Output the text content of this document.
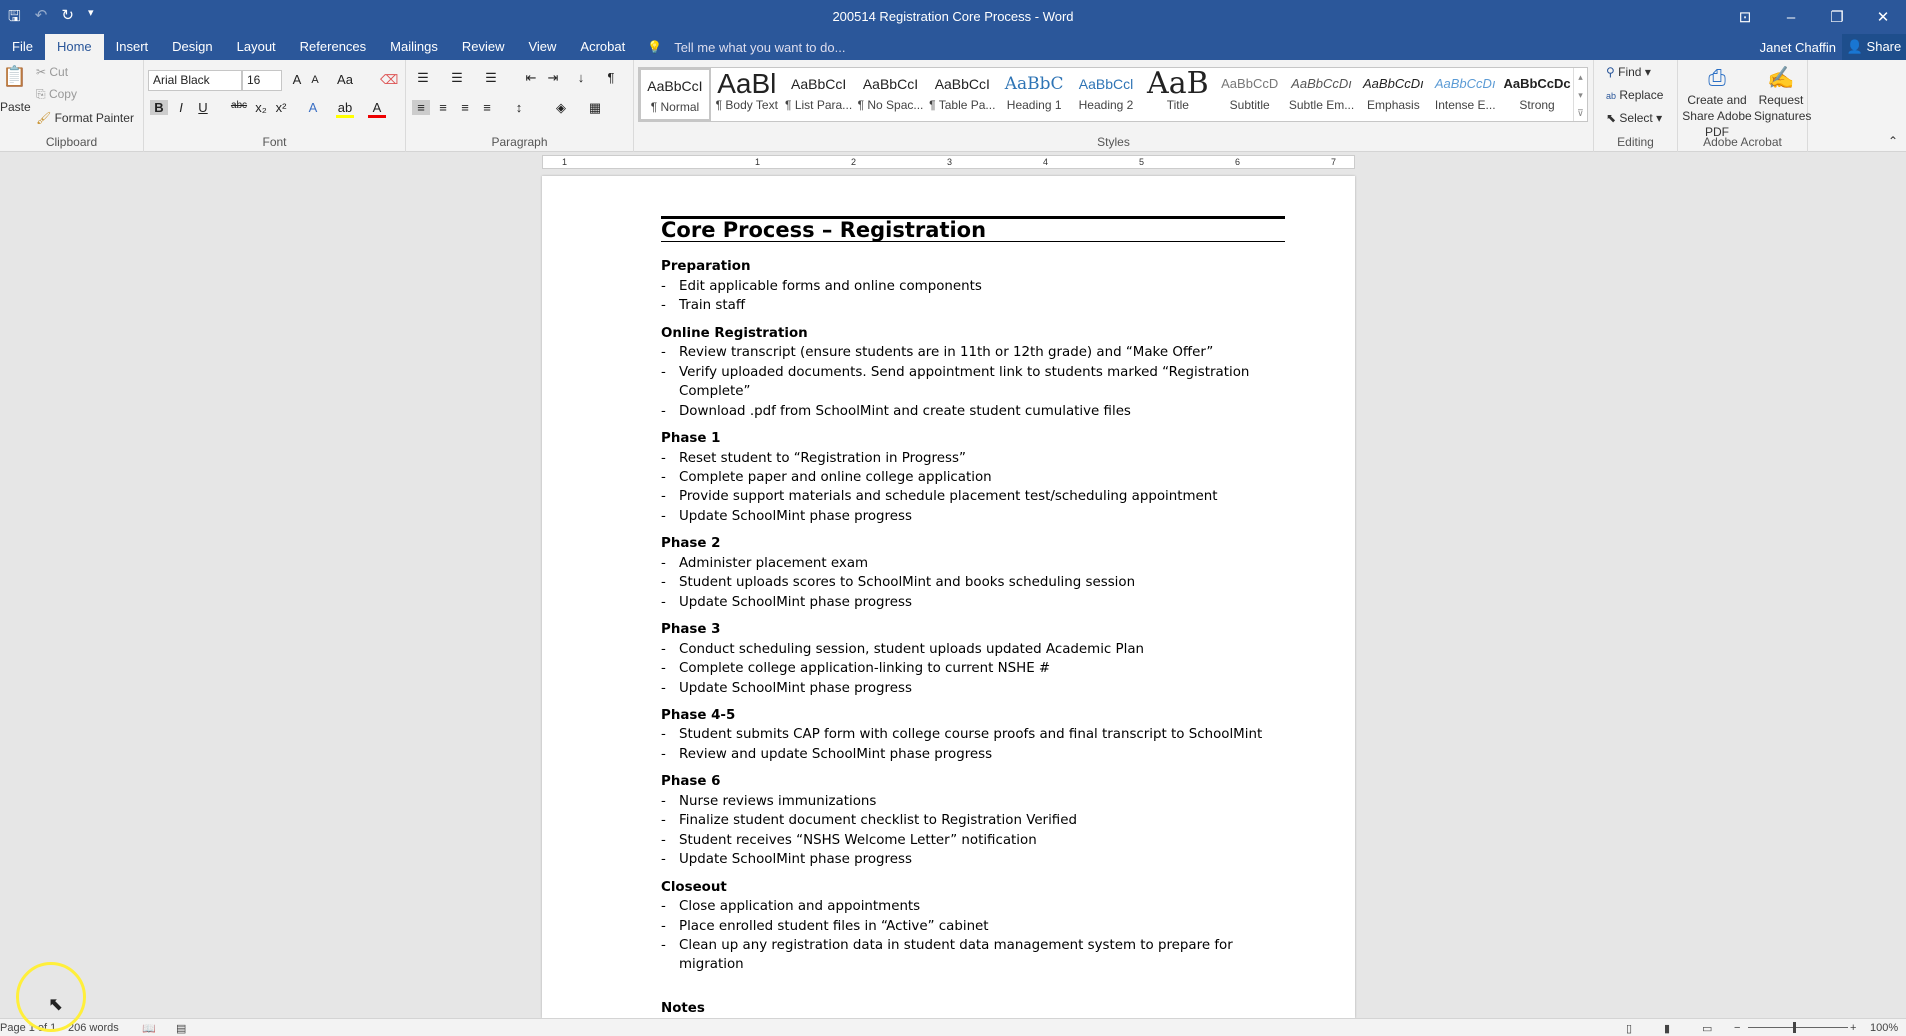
🖫 ↶ ↻ ▾	200514 Registration Core Process - Word	⊡	–	❐	✕
File	Home	Insert	Design	Layout	References	Mailings	Review	View	Acrobat	💡 Tell me what you want to do...	Janet Chaffin 👤 Share
Paste
📋 ✂ Cut
⎘ Copy
🖌 Format Painter
Clipboard
Arial Black	16	A A	Aa	⌫
B	I	U	abc x₂ x²	A	ab	A
Font
☰ ☰ ☰ ⇤ ⇥	↓	¶
≡	≡	≡	≡	↕	◈	▦
Paragraph	Styles
AaBbCcI
¶ Normal
AaBl
¶ Body Text
AaBbCcI
¶ List Para...
AaBbCcI
¶ No Spac...
AaBbCcI
¶ Table Pa...
AaBbC
Heading 1
AaBbCcl
Heading 2
AaB
Title
AaBbCcD
Subtitle
AaBbCcDı
Subtle Em...
AaBbCcDı
Emphasis
AaBbCcDı
Intense E...
AaBbCcDc
Strong
▴
▾
⊽
⚲ Find ▾
ab Replace
⬉ Select ▾
Editing
⎙
Create and Share Adobe PDF
✍
Request Signatures
Adobe Acrobat	⌃
1	1	2	3	4	5	6	7
Core Process – Registration
Preparation
- Edit applicable forms and online components
- Train staff
Online Registration
- Review transcript (ensure students are in 11th or 12th grade) and “Make Offer”
- Verify uploaded documents. Send appointment link to students marked “Registration Complete”
- Download .pdf from SchoolMint and create student cumulative files
Phase 1
- Reset student to “Registration in Progress”
- Complete paper and online college application
- Provide support materials and schedule placement test/scheduling appointment
- Update SchoolMint phase progress
Phase 2
- Administer placement exam
- Student uploads scores to SchoolMint and books scheduling session
- Update SchoolMint phase progress
Phase 3
- Conduct scheduling session, student uploads updated Academic Plan
- Complete college application-linking to current NSHE #
- Update SchoolMint phase progress
Phase 4-5
- Student submits CAP form with college course proofs and final transcript to SchoolMint
- Review and update SchoolMint phase progress
Phase 6
- Nurse reviews immunizations
- Finalize student document checklist to Registration Verified
- Student receives “NSHS Welcome Letter” notification
- Update SchoolMint phase progress
Closeout
- Close application and appointments
- Place enrolled student files in “Active” cabinet
- Clean up any registration data in student data management system to prepare for migration
Notes
Page 1 of 1 206 words 📖 ▤	▯	▮	▭ −	+ 100%
⬉
